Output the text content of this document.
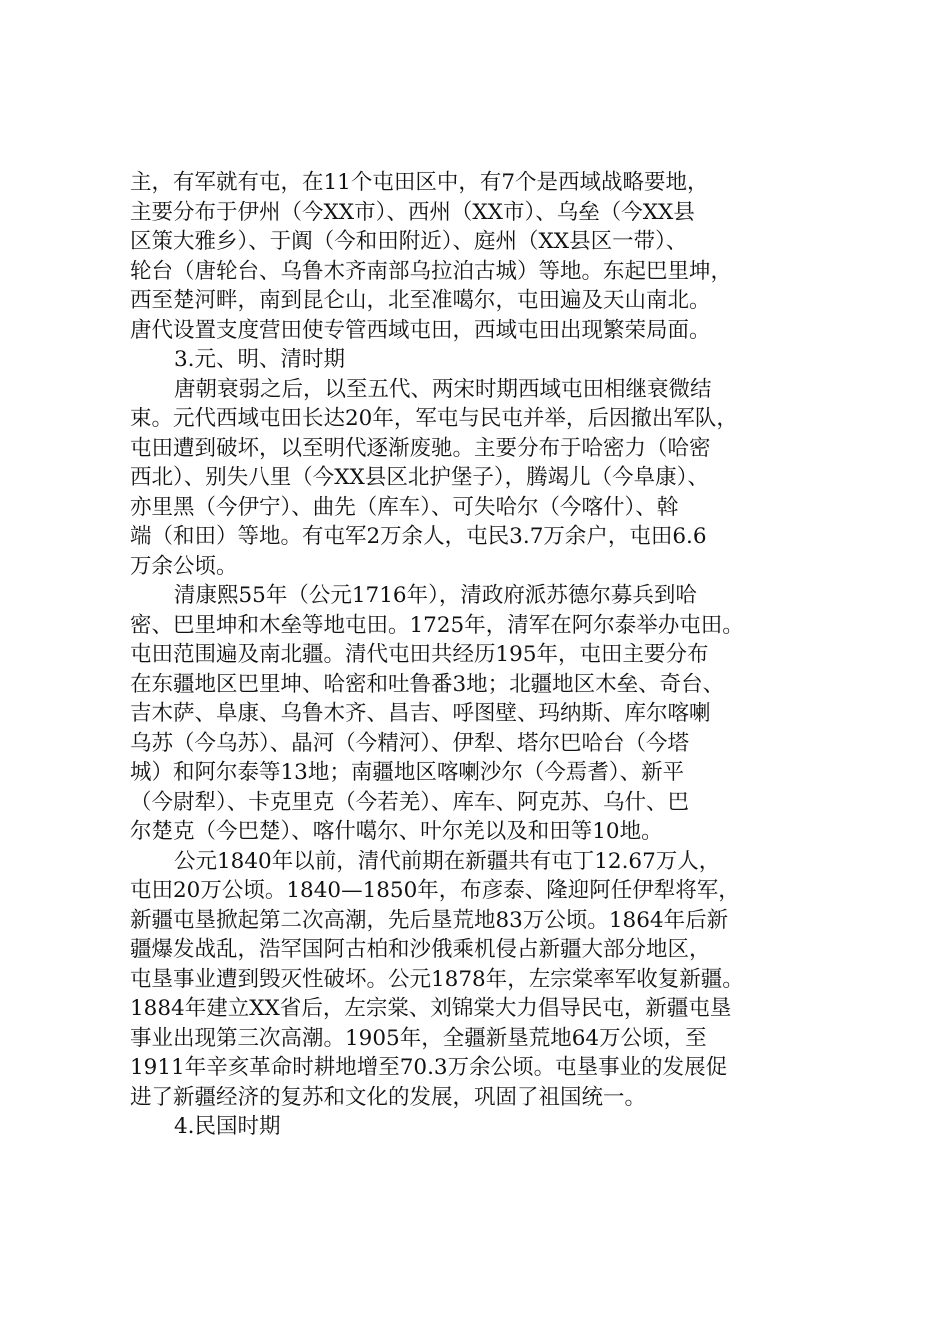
主，有军就有屯，在11个屯田区中，有7个是西域战略要地，
主要分布于伊州（今XX市）、西州（XX市）、乌垒（今XX县
区策大雅乡）、于阗（今和田附近）、庭州（XX县区一带）、
轮台（唐轮台、乌鲁木齐南部乌拉泊古城）等地。东起巴里坤，
西至楚河畔，南到昆仑山，北至准噶尔，屯田遍及天山南北。
唐代设置支度营田使专管西域屯田，西域屯田出现繁荣局面。
3.元、明、清时期
唐朝衰弱之后，以至五代、两宋时期西域屯田相继衰微结
束。元代西域屯田长达20年，军屯与民屯并举，后因撤出军队，
屯田遭到破坏，以至明代逐渐废驰。主要分布于哈密力（哈密
西北）、别失八里（今XX县区北护堡子），腾竭儿（今阜康）、
亦里黑（今伊宁）、曲先（库车）、可失哈尔（今喀什）、斡
端（和田）等地。有屯军2万余人，屯民3.7万余户，屯田6.6
万余公顷。
清康熙55年（公元1716年），清政府派苏德尔募兵到哈
密、巴里坤和木垒等地屯田。1725年，清军在阿尔泰举办屯田。
屯田范围遍及南北疆。清代屯田共经历195年，屯田主要分布
在东疆地区巴里坤、哈密和吐鲁番3地；北疆地区木垒、奇台、
吉木萨、阜康、乌鲁木齐、昌吉、呼图壁、玛纳斯、库尔喀喇
乌苏（今乌苏）、晶河（今精河）、伊犁、塔尔巴哈台（今塔
城）和阿尔泰等13地；南疆地区喀喇沙尔（今焉耆）、新平
（今尉犁）、卡克里克（今若羌）、库车、阿克苏、乌什、巴
尔楚克（今巴楚）、喀什噶尔、叶尔羌以及和田等10地。
公元1840年以前，清代前期在新疆共有屯丁12.67万人，
屯田20万公顷。1840—1850年，布彦泰、隆迎阿任伊犁将军，
新疆屯垦掀起第二次高潮，先后垦荒地83万公顷。1864年后新
疆爆发战乱，浩罕国阿古柏和沙俄乘机侵占新疆大部分地区，
屯垦事业遭到毁灭性破坏。公元1878年，左宗棠率军收复新疆。
1884年建立XX省后，左宗棠、刘锦棠大力倡导民屯，新疆屯垦
事业出现第三次高潮。1905年，全疆新垦荒地64万公顷，至
1911年辛亥革命时耕地增至70.3万余公顷。屯垦事业的发展促
进了新疆经济的复苏和文化的发展，巩固了祖国统一。
4.民国时期
